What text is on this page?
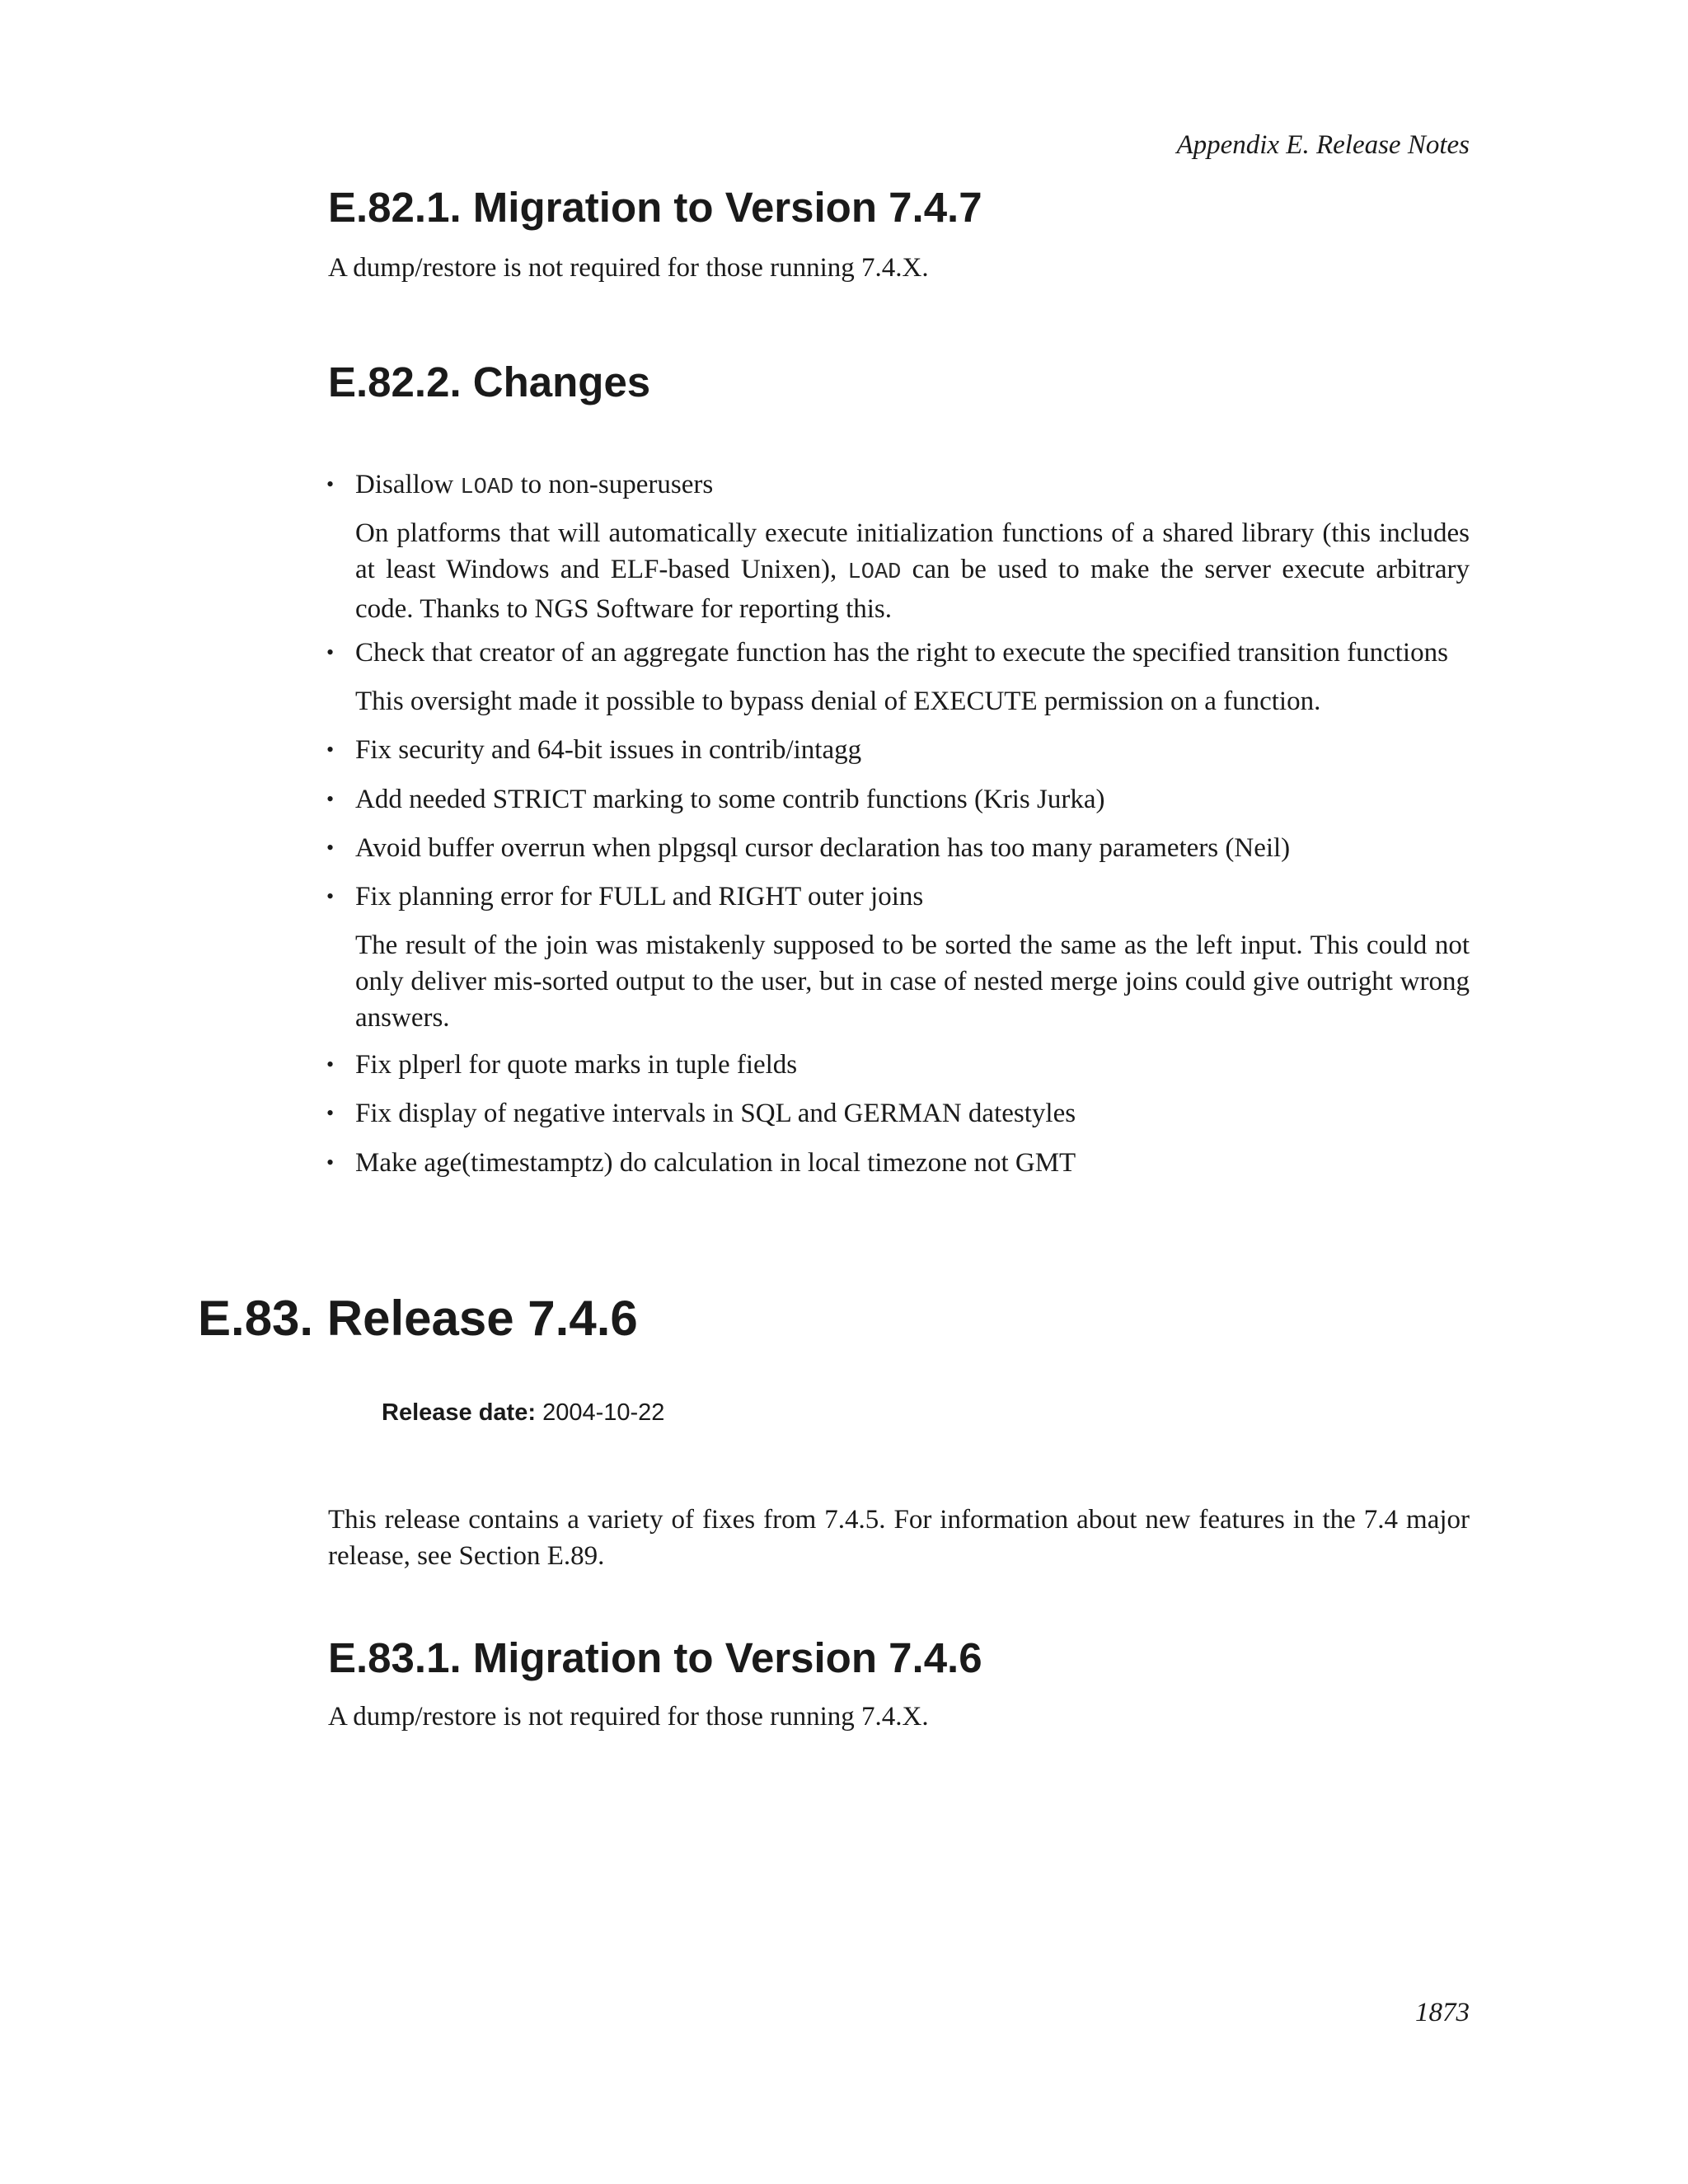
Appendix E. Release Notes
E.82.1. Migration to Version 7.4.7

A dump/restore is not required for those running 7.4.X.

E.82.2. Changes
• Disallow LOAD to non-superusers

On platforms that will automatically execute initialization functions of a shared library (this includes at least Windows and ELF-based Unixen), LOAD can be used to make the server execute arbitrary code. Thanks to NGS Software for reporting this.

• Check that creator of an aggregate function has the right to execute the specified transition functions

This oversight made it possible to bypass denial of EXECUTE permission on a function.

• Fix security and 64-bit issues in contrib/intagg

• Add needed STRICT marking to some contrib functions (Kris Jurka)

• Avoid buffer overrun when plpgsql cursor declaration has too many parameters (Neil)

• Fix planning error for FULL and RIGHT outer joins

The result of the join was mistakenly supposed to be sorted the same as the left input. This could not only deliver mis-sorted output to the user, but in case of nested merge joins could give outright wrong answers.

• Fix plperl for quote marks in tuple fields

• Fix display of negative intervals in SQL and GERMAN datestyles

• Make age(timestamptz) do calculation in local timezone not GMT

E.83. Release 7.4.6
Release date: 2004-10-22

This release contains a variety of fixes from 7.4.5. For information about new features in the 7.4 major release, see Section E.89.

E.83.1. Migration to Version 7.4.6

A dump/restore is not required for those running 7.4.X.

1873
